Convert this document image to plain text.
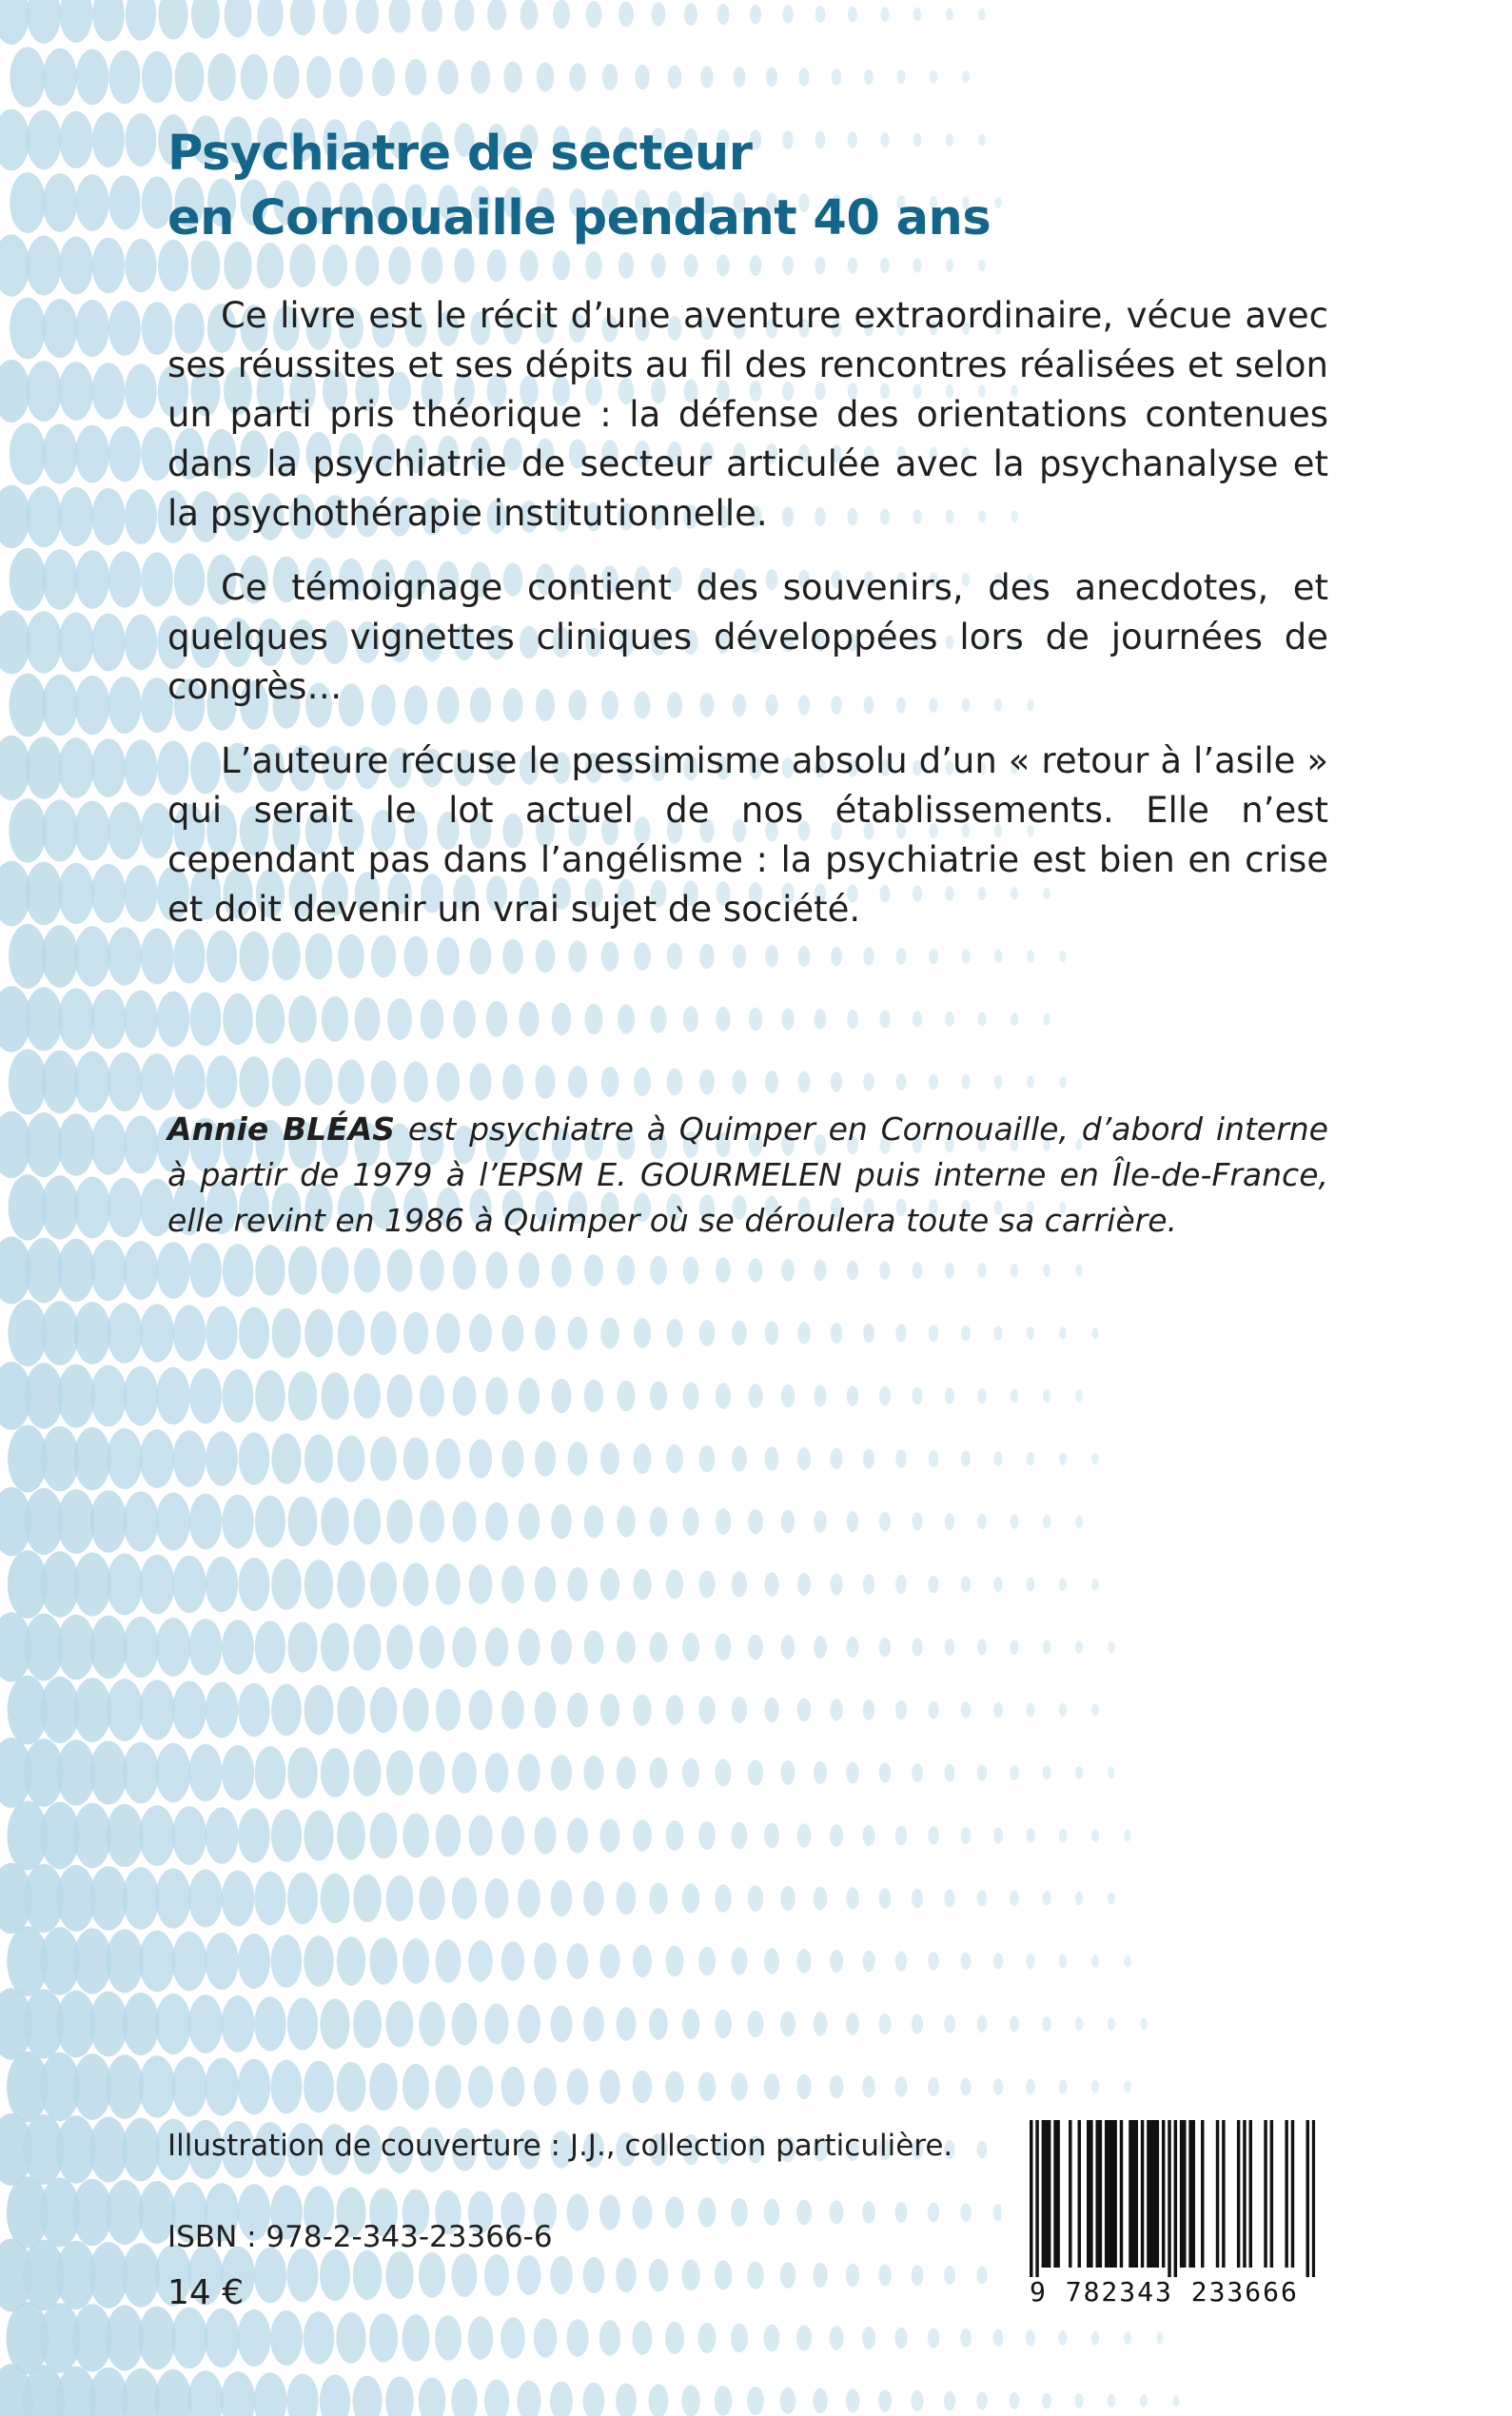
Psychiatre de secteur
en Cornouaille pendant 40 ans

Ce livre est le récit d’une aventure extraordinaire, vécue avec ses réussites et ses dépits au fil des rencontres réalisées et selon un parti pris théorique : la défense des orientations contenues dans la psychiatrie de secteur articulée avec la psychanalyse et la psychothérapie institutionnelle.

Ce témoignage contient des souvenirs, des anecdotes, et quelques vignettes cliniques développées lors de journées de congrès…

L’auteure récuse le pessimisme absolu d’un « retour à l’asile » qui serait le lot actuel de nos établissements. Elle n’est cependant pas dans l’angélisme : la psychiatrie est bien en crise et doit devenir un vrai sujet de société.

Annie BLÉAS est psychiatre à Quimper en Cornouaille, d’abord interne à partir de 1979 à l’EPSM E. GOURMELEN puis interne en Île-de-France, elle revint en 1986 à Quimper où se déroulera toute sa carrière.

Illustration de couverture : J.J., collection particulière.

ISBN : 978-2-343-23366-6

14 €	9 782343 233666
